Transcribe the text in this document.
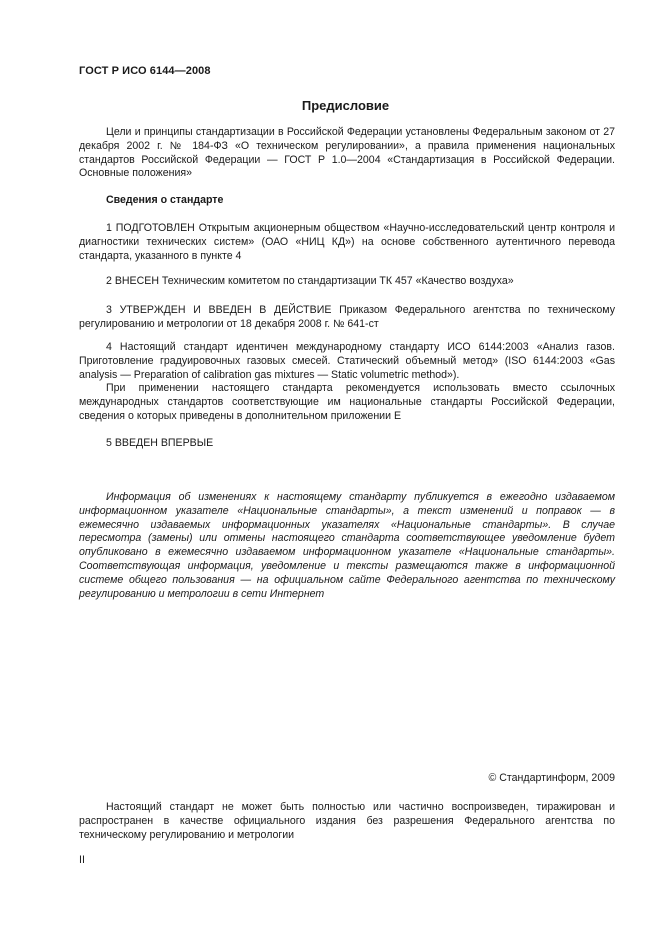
ГОСТ Р ИСО 6144—2008
Предисловие
Цели и принципы стандартизации в Российской Федерации установлены Федеральным законом от 27 декабря 2002 г. № 184-ФЗ «О техническом регулировании», а правила применения национальных стандартов Российской Федерации — ГОСТ Р 1.0—2004 «Стандартизация в Российской Федерации. Основные положения»
Сведения о стандарте
1 ПОДГОТОВЛЕН Открытым акционерным обществом «Научно-исследовательский центр контроля и диагностики технических систем» (ОАО «НИЦ КД») на основе собственного аутентичного перевода стандарта, указанного в пункте 4
2 ВНЕСЕН Техническим комитетом по стандартизации ТК 457 «Качество воздуха»
3 УТВЕРЖДЕН И ВВЕДЕН В ДЕЙСТВИЕ Приказом Федерального агентства по техническому регулированию и метрологии от 18 декабря 2008 г. № 641-ст
4 Настоящий стандарт идентичен международному стандарту ИСО 6144:2003 «Анализ газов. Приготовление градуировочных газовых смесей. Статический объемный метод» (ISO 6144:2003 «Gas analysis — Preparation of calibration gas mixtures — Static volumetric method»).
При применении настоящего стандарта рекомендуется использовать вместо ссылочных международных стандартов соответствующие им национальные стандарты Российской Федерации, сведения о которых приведены в дополнительном приложении Е
5 ВВЕДЕН ВПЕРВЫЕ
Информация об изменениях к настоящему стандарту публикуется в ежегодно издаваемом информационном указателе «Национальные стандарты», а текст изменений и поправок — в ежемесячно издаваемых информационных указателях «Национальные стандарты». В случае пересмотра (замены) или отмены настоящего стандарта соответствующее уведомление будет опубликовано в ежемесячно издаваемом информационном указателе «Национальные стандарты». Соответствующая информация, уведомление и тексты размещаются также в информационной системе общего пользования — на официальном сайте Федерального агентства по техническому регулированию и метрологии в сети Интернет
© Стандартинформ, 2009
Настоящий стандарт не может быть полностью или частично воспроизведен, тиражирован и распространен в качестве официального издания без разрешения Федерального агентства по техническому регулированию и метрологии
II
